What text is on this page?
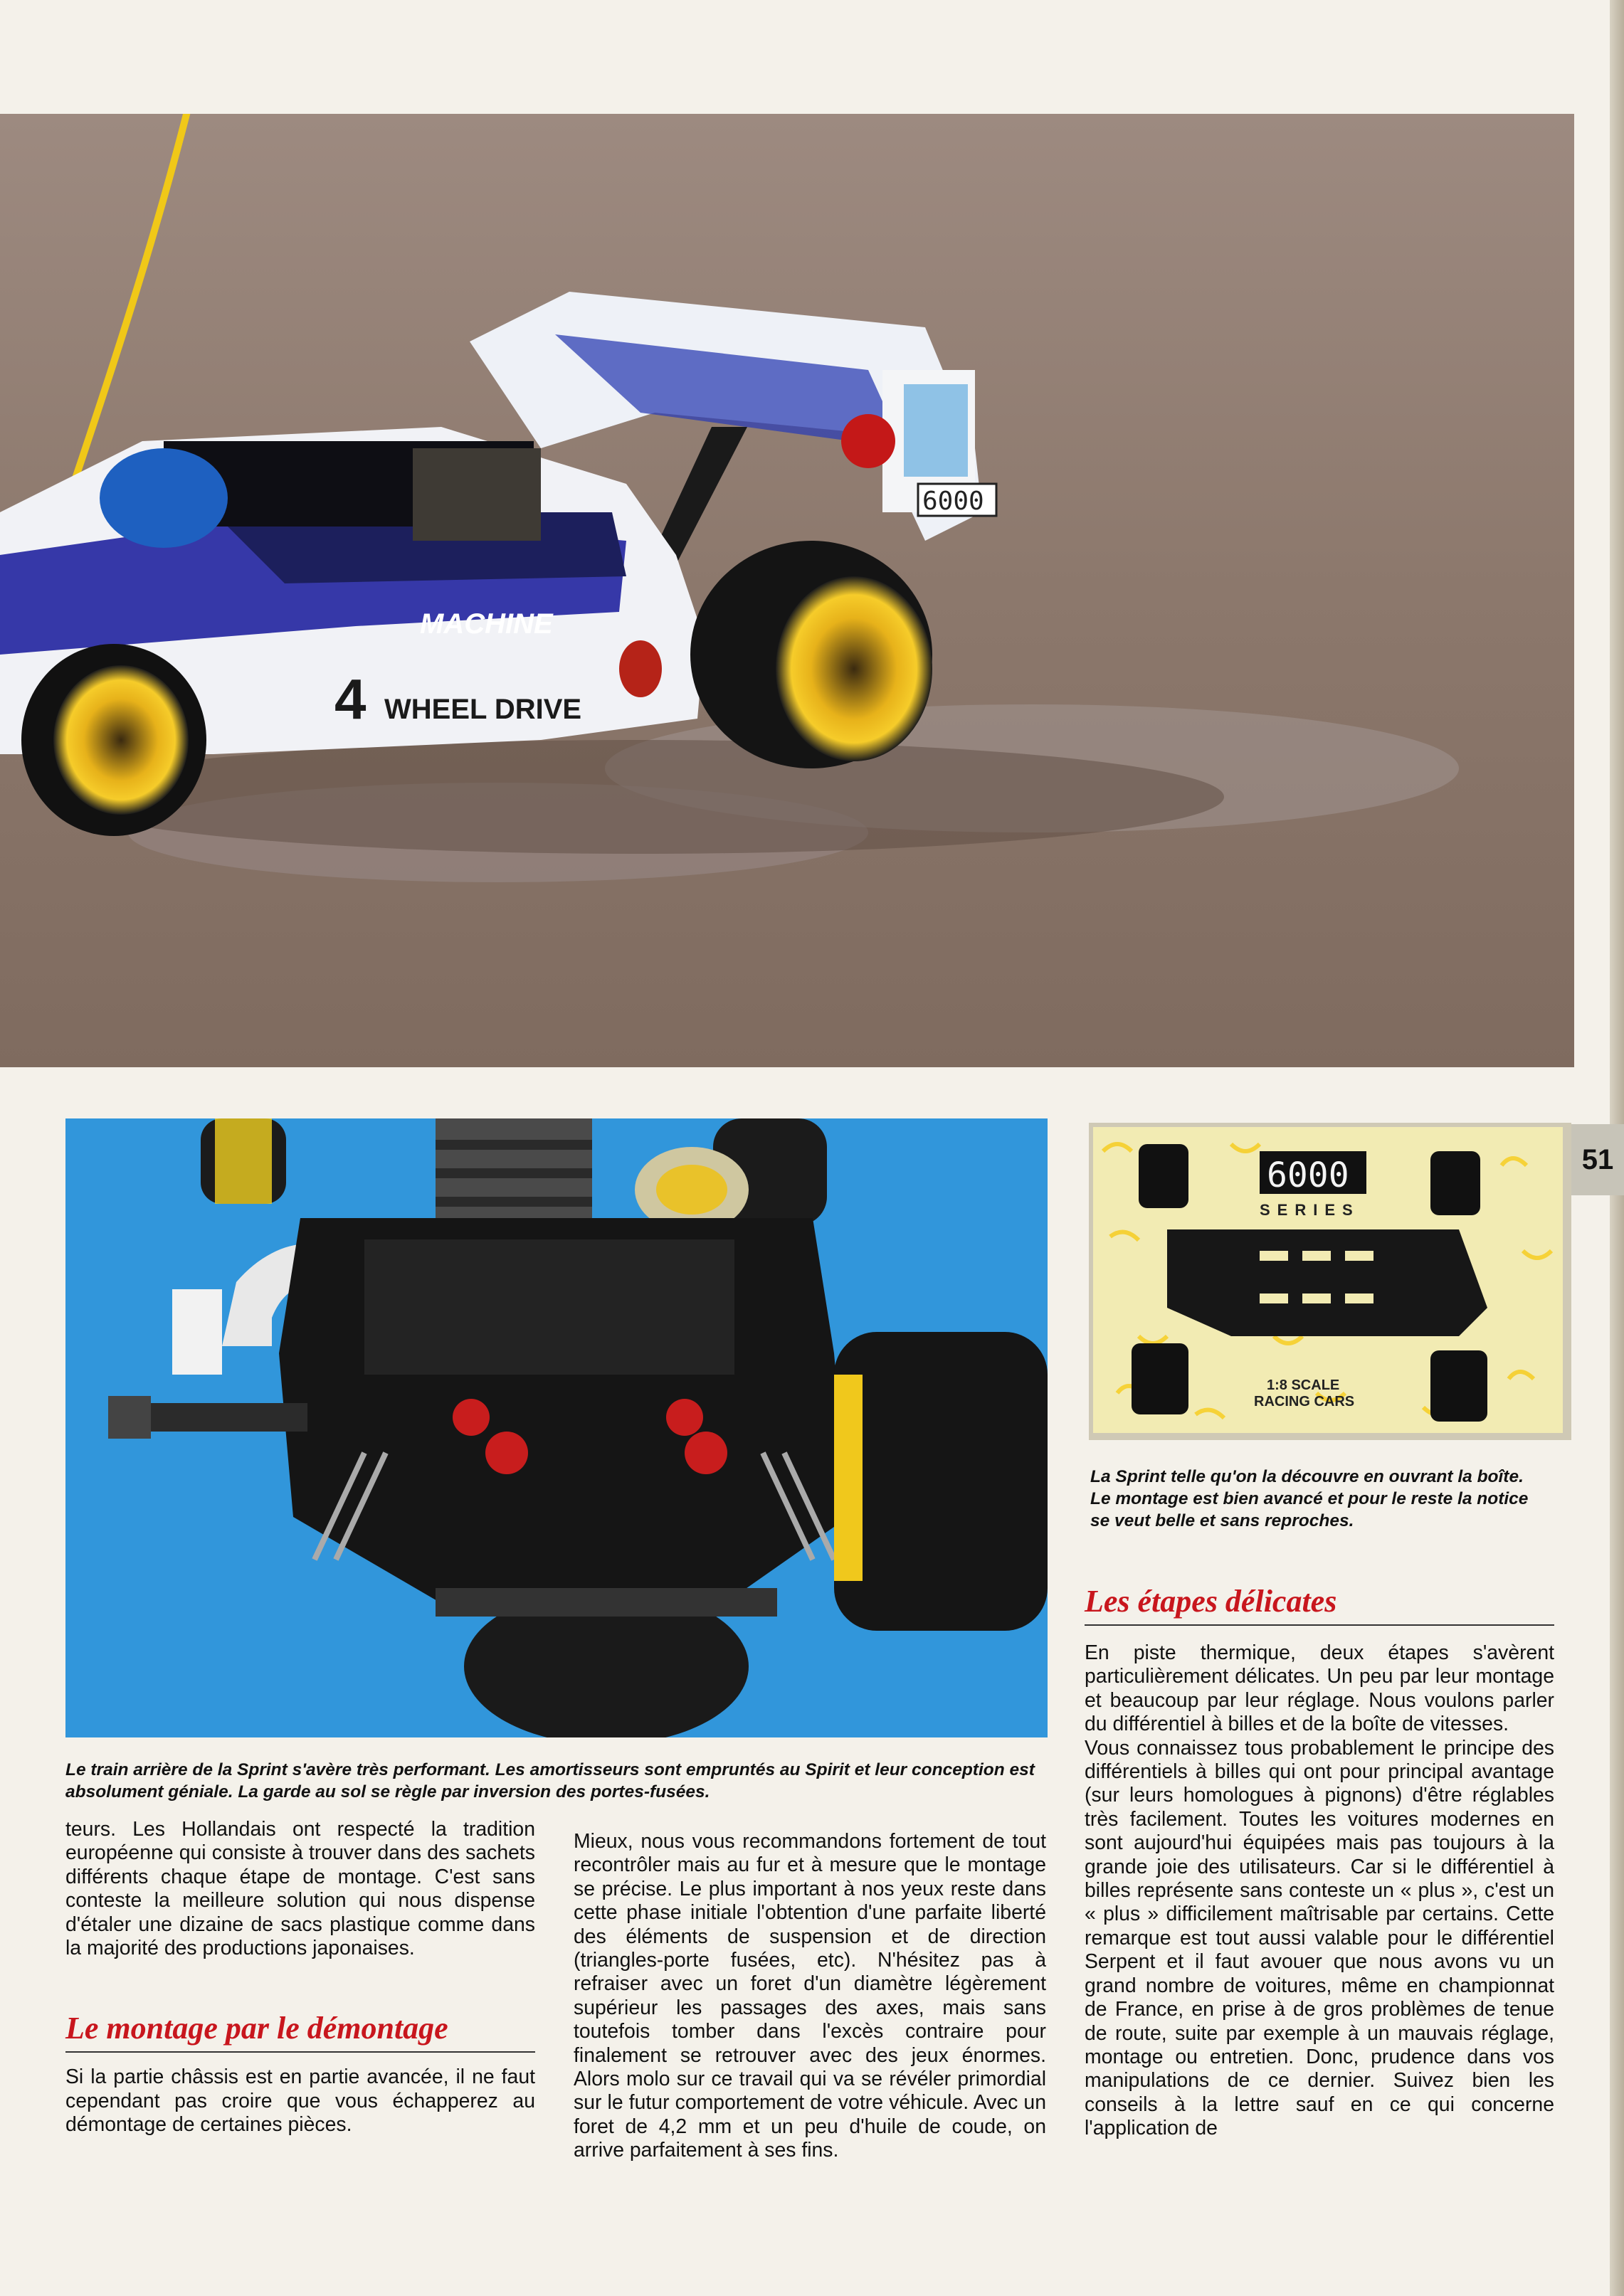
6000
MACHINE
4 WHEEL DRIVE
6000
SERIES
1:8 SCALE
RACING CARS
51

La Sprint telle qu'on la découvre en ouvrant la boîte. Le montage est bien avancé et pour le reste la notice se veut belle et sans reproches.

Le train arrière de la Sprint s'avère très performant. Les amortisseurs sont empruntés au Spirit et leur conception est absolument géniale. La garde au sol se règle par inversion des portes-fusées.

teurs. Les Hollandais ont respecté la tradition européenne qui consiste à trouver dans des sachets différents chaque étape de montage. C'est sans conteste la meilleure solution qui nous dispense d'étaler une dizaine de sacs plastique comme dans la majorité des productions japonaises.

Le montage par le démontage

Si la partie châssis est en partie avancée, il ne faut cependant pas croire que vous échapperez au démontage de certaines pièces.

Mieux, nous vous recommandons fortement de tout recontrôler mais au fur et à mesure que le montage se précise. Le plus important à nos yeux reste dans cette phase initiale l'obtention d'une parfaite liberté des éléments de suspension et de direction (triangles-porte fusées, etc). N'hésitez pas à refraiser avec un foret d'un diamètre légèrement supérieur les passages des axes, mais sans toutefois tomber dans l'excès contraire pour finalement se retrouver avec des jeux énormes. Alors molo sur ce travail qui va se révéler primordial sur le futur comportement de votre véhicule. Avec un foret de 4,2 mm et un peu d'huile de coude, on arrive parfaitement à ses fins.

Les étapes délicates

En piste thermique, deux étapes s'avèrent particulièrement délicates. Un peu par leur montage et beaucoup par leur réglage. Nous voulons parler du différentiel à billes et de la boîte de vitesses.

Vous connaissez tous probablement le principe des différentiels à billes qui ont pour principal avantage (sur leurs homologues à pignons) d'être réglables très facilement. Toutes les voitures modernes en sont aujourd'hui équipées mais pas toujours à la grande joie des utilisateurs. Car si le différentiel à billes représente sans conteste un « plus », c'est un « plus » difficilement maîtrisable par certains. Cette remarque est tout aussi valable pour le différentiel Serpent et il faut avouer que nous avons vu un grand nombre de voitures, même en championnat de France, en prise à de gros problèmes de tenue de route, suite par exemple à un mauvais réglage, montage ou entretien. Donc, prudence dans vos manipulations de ce dernier. Suivez bien les conseils à la lettre sauf en ce qui concerne l'application de
